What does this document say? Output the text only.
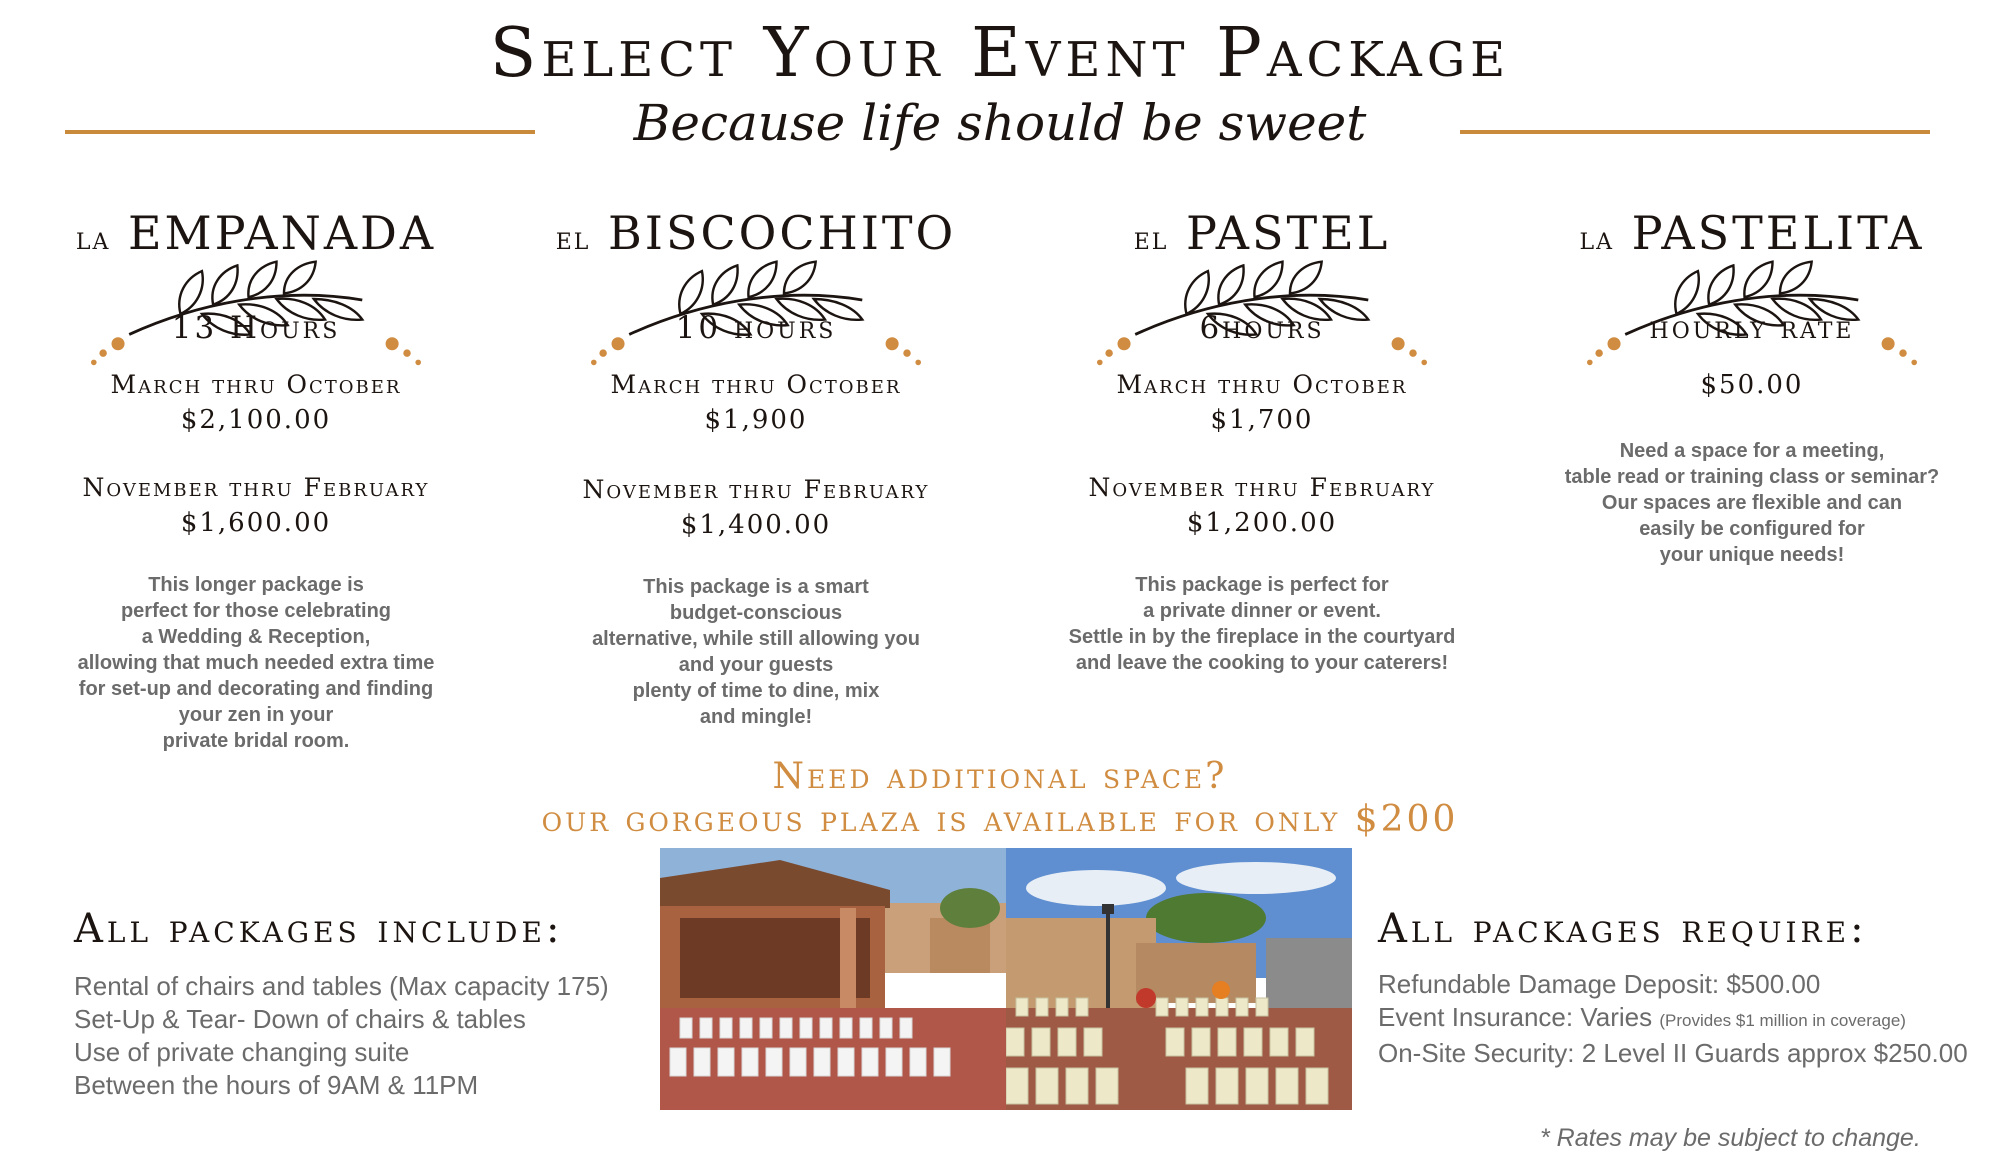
Select Your Event Package
Because life should be sweet
la EMPANADA
13 Hours
March thru October
$2,100.00
November thru February
$1,600.00
This longer package is
perfect for those celebrating
a Wedding & Reception,
allowing that much needed extra time
for set-up and decorating and finding
your zen in your
private bridal room.
el BISCOCHITO
10 hours
March thru October
$1,900
November thru February
$1,400.00
This package is a smart
budget-conscious
alternative, while still allowing you
and your guests
plenty of time to dine, mix
and mingle!
el PASTEL
6hours
March thru October
$1,700
November thru February
$1,200.00
This package is perfect for
a private dinner or event.
Settle in by the fireplace in the courtyard
and leave the cooking to your caterers!
la PASTELITA
hourly rate
$50.00
Need a space for a meeting,
table read or training class or seminar?
Our spaces are flexible and can
easily be configured for
your unique needs!
Need additional space?
our gorgeous plaza is available for only $200
All packages include:
Rental of chairs and tables (Max capacity 175)
Set-Up & Tear- Down of chairs & tables
Use of private changing suite
Between the hours of 9AM & 11PM
All packages require:
Refundable Damage Deposit: $500.00
Event Insurance: Varies (Provides $1 million in coverage)
On-Site Security: 2 Level II Guards approx $250.00
* Rates may be subject to change.
